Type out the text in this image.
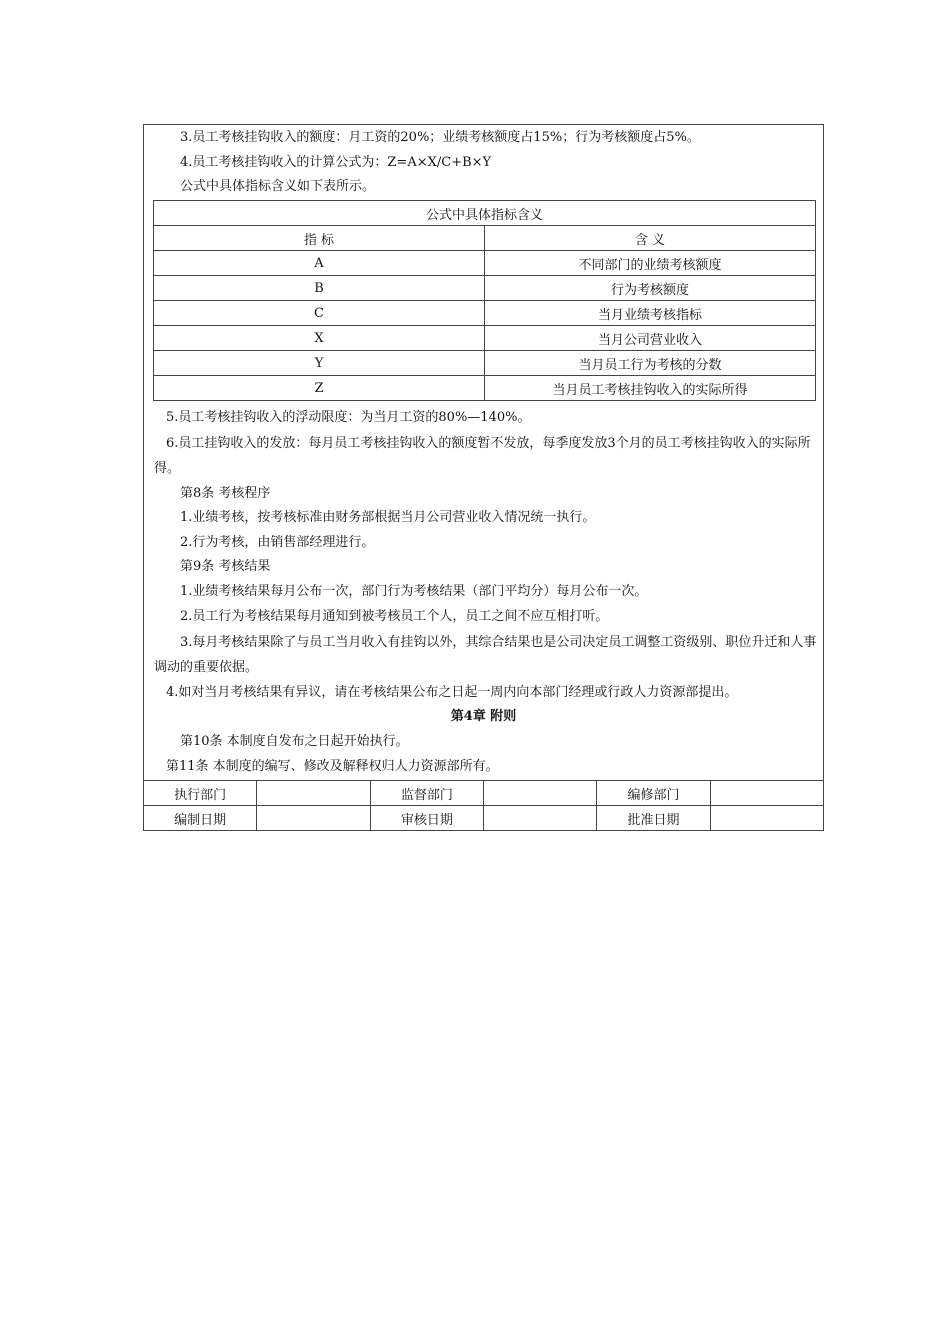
3.员工考核挂钩收入的额度：月工资的20%；业绩考核额度占15%；行为考核额度占5%。
4.员工考核挂钩收入的计算公式为：Z=A×X/C+B×Y
公式中具体指标含义如下表所示。
公式中具体指标含义	
指 标	含 义
A	不同部门的业绩考核额度
B	行为考核额度
C	当月业绩考核指标
X	当月公司营业收入
Y	当月员工行为考核的分数
Z	当月员工考核挂钩收入的实际所得
5.员工考核挂钩收入的浮动限度：为当月工资的80%—140%。
6.员工挂钩收入的发放：每月员工考核挂钩收入的额度暂不发放，每季度发放3个月的员工考核挂钩收入的实际所得。
第8条 考核程序
1.业绩考核，按考核标准由财务部根据当月公司营业收入情况统一执行。
2.行为考核，由销售部经理进行。
第9条 考核结果
1.业绩考核结果每月公布一次，部门行为考核结果（部门平均分）每月公布一次。
2.员工行为考核结果每月通知到被考核员工个人，员工之间不应互相打听。
3.每月考核结果除了与员工当月收入有挂钩以外，其综合结果也是公司决定员工调整工资级别、职位升迁和人事调动的重要依据。
4.如对当月考核结果有异议，请在考核结果公布之日起一周内向本部门经理或行政人力资源部提出。
第4章 附则
第10条 本制度自发布之日起开始执行。
第11条 本制度的编写、修改及解释权归人力资源部所有。
执行部门		监督部门		编修部门	
编制日期		审核日期		批准日期	
